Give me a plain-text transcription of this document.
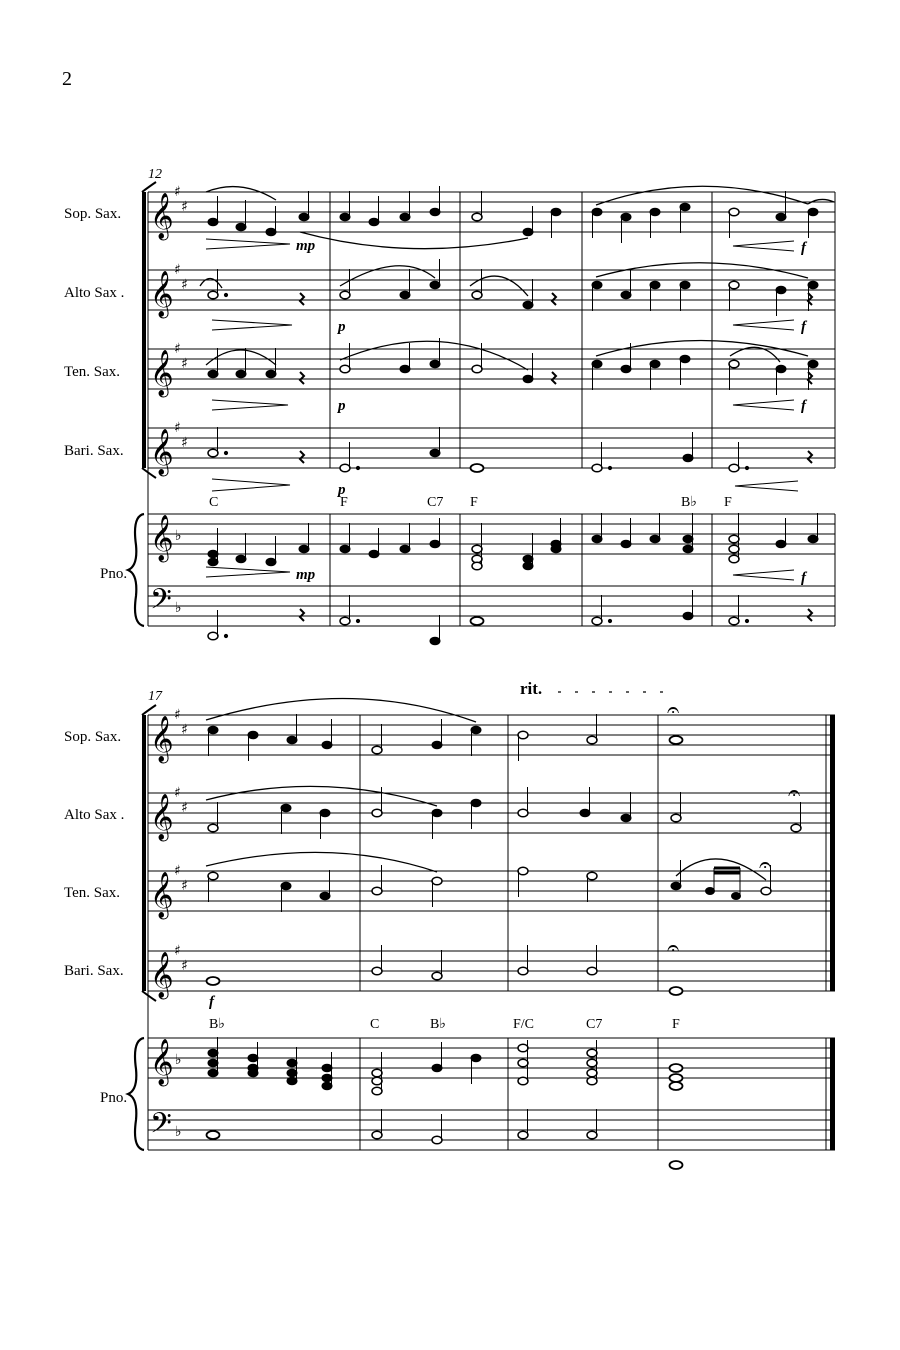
2
12
Sop. Sax.
Alto Sax .
Ten. Sax.
Bari. Sax.
Pno.
𝄞
𝄞
𝄞
𝄞
𝄞
𝄢
♯
♯
♯
♯
♯
♯
♯
♯
♭
♭
C	F	C7 F	B♭ F
mp	f
p	f
p	f
p
mp	f
17	rit.
Sop. Sax.
Alto Sax .
Ten. Sax.
Bari. Sax.
Pno.
𝄞
𝄞
𝄞
𝄞
𝄞
𝄢
♯
♯
♯
♯
♯
♯
♯
♯
♭
♭
B♭	C	B♭	F/C	C7	F
f
𝄐
𝄐
𝄐
𝄐
